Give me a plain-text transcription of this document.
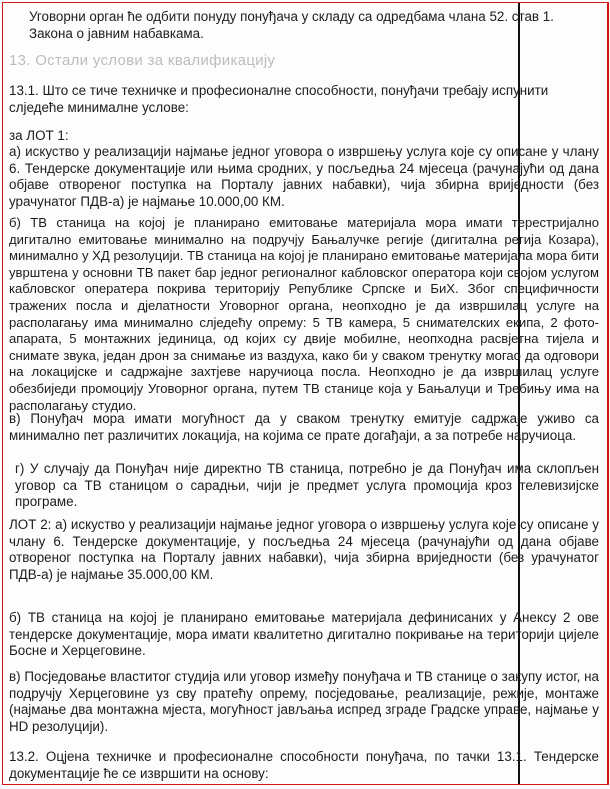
Уговорни орган ће одбити понуду понуђача у складу са одредбама члана 52. став 1. Закона о јавним набавкама.

13. Остали услови за квалификацију

13.1. Што се тиче техничке и професионалне способности, понуђачи требају испунити слједеће минималне услове:

за ЛОТ 1:

а) искуство у реализацији најмање једног уговора о извршењу услуга које су описане у члану 6. Тендерске документације или њима сродних, у посљедња 24 мјесеца (рачунајући од дана објаве отвореног поступка на Порталу јавних набавки), чија збирна вриједности (без урачунатог ПДВ-а) је најмање 10.000,00 КМ.

б) ТВ станица на којој је планирано емитовање материјала мора имати терестријално дигитално емитовање минимално на подручју Бањалучке регије (дигитална регија Козара), минимално у ХД резолуцији. ТВ станица на којој је планирано емитовање материјала мора бити уврштена у основни ТВ пакет бар једног регионалног кабловског оператора који својом услугом кабловског оператера покрива територију Републике Српске и БиХ. Због специфичности тражених посла и дјелатности Уговорног органа, неопходно је да извршилац услуге на располагању има минимално слједећу опрему: 5 ТВ камера, 5 снимателских екипа, 2 фото-апарата, 5 монтажних јединица, од којих су двије мобилне, неопходна расвјетна тијела и сниматe звука, један дрон за снимање из ваздуха, како би у сваком тренутку могао да одговори на локацијске и садржајне захтјеве наручиоца посла. Неопходно је да извршилац услуге обезбиједи промоцију Уговорног органа, путем ТВ станице која у Бањалуци и Требињу има на располагању студио.

в) Понуђач мора имати могућност да у сваком тренутку емитује садржаје уживо са минимално пет различитих локација, на којима се прате догађаји, а за потребе наручиоца.

г) У случају да Понуђач није директно ТВ станица, потребно је да Понуђач има склопљен уговор са ТВ станицом о сарадњи, чији је предмет услуга промоција кроз телевизијске програме.

ЛОТ 2: а) искуство у реализацији најмање једног уговора о извршењу услуга које су описане у члану 6. Тендерске документације, у посљедња 24 мјесеца (рачунајући од дана објаве отвореног поступка на Порталу јавних набавки), чија збирна вриједности (без урачунатог ПДВ-а) је најмање 35.000,00 КМ.

б) ТВ станица на којој је планирано емитовање материјала дефинисаних у Анексу 2 ове тендерске документације, мора имати квалитетно дигитално покривање на територији цијеле Босне и Херцеговине.

в) Посједовање властитог студија или уговор између понуђача и ТВ станице о закупу истог, на подручју Херцеговине уз сву пратећу опрему, посједовање, реализације, режије, монтаже (најмање два монтажна мјеста, могућност јављања испред зграде Градске управе, најмање у HD резолуцији).

13.2. Оцјена техничке и професионалне способности понуђача, по тачки 13.1. Тендерске документације ће се извршити на основу:
